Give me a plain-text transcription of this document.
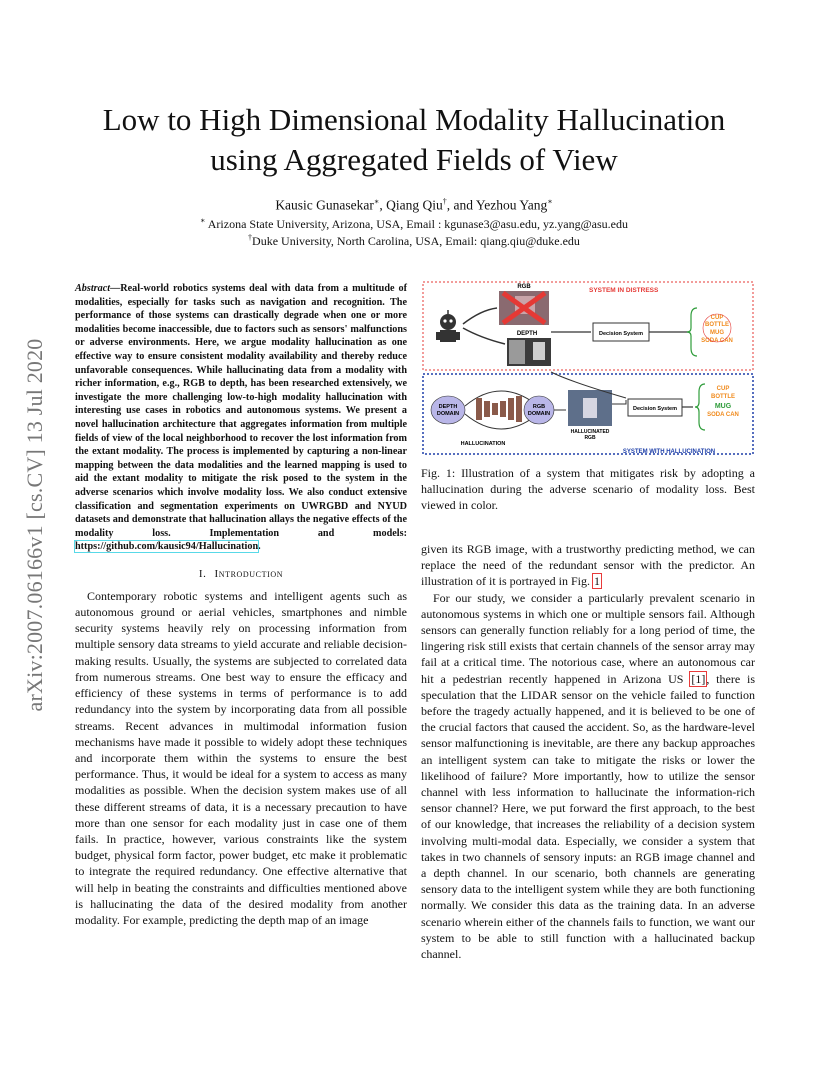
arXiv:2007.06166v1 [cs.CV] 13 Jul 2020
Low to High Dimensional Modality Hallucination
using Aggregated Fields of View
Kausic Gunasekar∗, Qiang Qiu†, and Yezhou Yang∗
∗ Arizona State University, Arizona, USA, Email : kgunase3@asu.edu, yz.yang@asu.edu
†Duke University, North Carolina, USA, Email: qiang.qiu@duke.edu

Abstract—Real-world robotics systems deal with data from a multitude of modalities, especially for tasks such as navigation and recognition. The performance of those systems can drastically degrade when one or more modalities become inaccessible, due to factors such as sensors' malfunctions or adverse environments. Here, we argue modality hallucination as one effective way to ensure consistent modality availability and thereby reduce unfavorable consequences. While hallucinating data from a modality with richer information, e.g., RGB to depth, has been researched extensively, we investigate the more challenging low-to-high modality hallucination with interesting use cases in robotics and autonomous systems. We present a novel hallucination architecture that aggregates information from multiple fields of view of the local neighborhood to recover the lost information from the extant modality. The process is implemented by capturing a non-linear mapping between the data modalities and the learned mapping is used to aid the extant modality to mitigate the risk posed to the system in the adverse scenarios which involve modality loss. We also conduct extensive classification and segmentation experiments on UWRGBD and NYUD datasets and demonstrate that hallucination allays the negative effects of the modality loss. Implementation and models: https://github.com/kausic94/Hallucination.

I. Introduction

Contemporary robotic systems and intelligent agents such as autonomous ground or aerial vehicles, smartphones and nimble security systems heavily rely on processing information from multiple sensory data streams to yield accurate and reliable decision-making results. Usually, the systems are subjected to correlated data from numerous streams. One best way to ensure the efficacy and efficiency of these systems in terms of performance is to add redundancy into the system by incorporating data from all possible streams. Recent advances in multimodal information fusion mechanisms have made it possible to widely adopt these techniques and incorporate them within the systems to ensure the best performance. Thus, it would be ideal for a system to access as many modalities as possible. When the decision system makes use of all these different streams of data, it is a necessary precaution to have more than one sensor for each modality just in case one of them fails. In practice, however, various constraints like the system budget, physical form factor, power budget, etc make it problematic to integrate the required redundancy. One effective alternative that will help in beating the constraints and difficulties mentioned above is hallucinating the data of the desired modality from another modality. For example, predicting the depth map of an image

RGB	SYSTEM IN DISTRESS
DEPTH	Decision System
CUP
BOTTLE
MUG
SODA CAN
DEPTH
DOMAIN
RGB
DOMAIN
HALLUCINATION
HALLUCINATED
RGB
Decision System
CUP
BOTTLE
MUG
SODA CAN
SYSTEM WITH HALLUCINATION

Fig. 1: Illustration of a system that mitigates risk by adopting a hallucination during the adverse scenario of modality loss. Best viewed in color.

given its RGB image, with a trustworthy predicting method, we can replace the need of the redundant sensor with the predictor. An illustration of it is portrayed in Fig. 1

For our study, we consider a particularly prevalent scenario in autonomous systems in which one or multiple sensors fail. Although sensors can generally function reliably for a long period of time, the lingering risk still exists that certain channels of the sensor array may fail at a critical time. The notorious case, where an autonomous car hit a pedestrian recently happened in Arizona US [1], there is speculation that the LIDAR sensor on the vehicle failed to function before the tragedy actually happened, and it is believed to be one of the crucial factors that caused the accident. So, as the hardware-level sensor malfunctioning is inevitable, are there any backup approaches an intelligent system can take to mitigate the risks or lower the likelihood of failure? More importantly, how to utilize the sensor channel with less information to hallucinate the information-rich sensor channel? Here, we put forward the first approach, to the best of our knowledge, that increases the reliability of a decision system involving multi-modal data. Especially, we consider a system that takes in two channels of sensory inputs: an RGB image channel and a depth channel. In our scenario, both channels are generating sensory data to the intelligent system while they are both functioning normally. We consider this data as the training data. In an adverse scenario wherein either of the channels fails to function, we want our system to be able to still function with a hallucinated backup channel.
